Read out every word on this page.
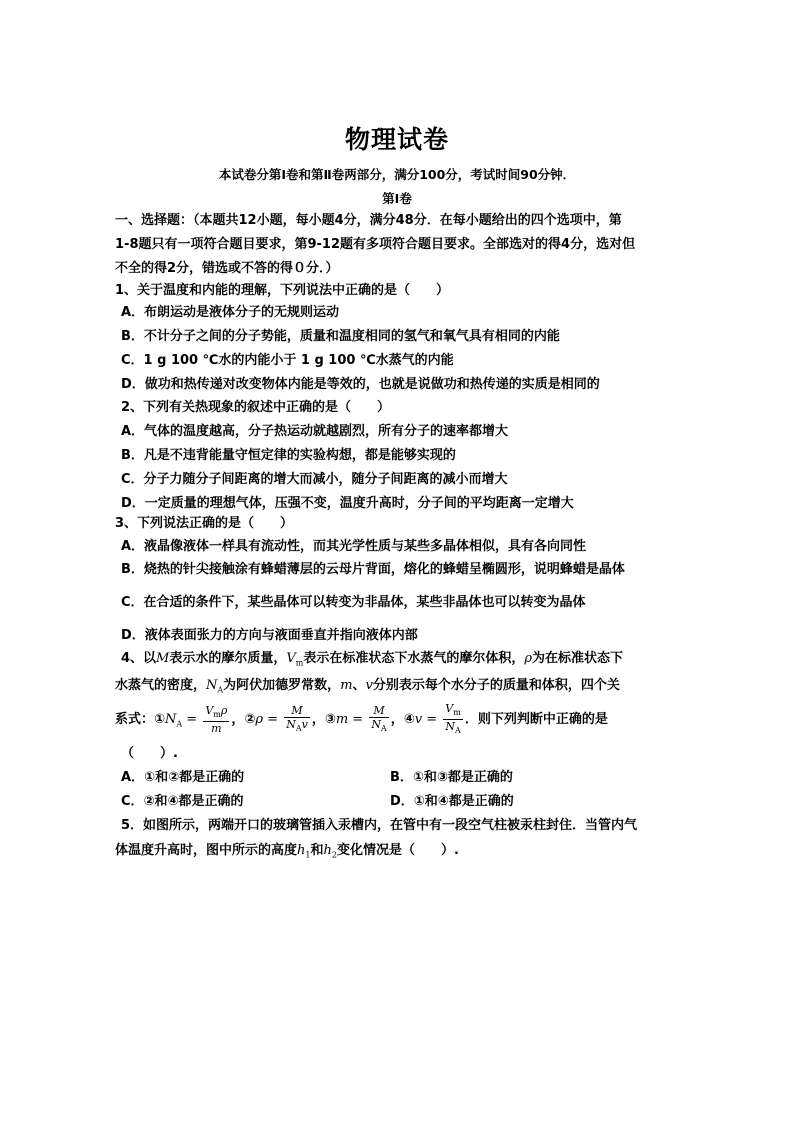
物理试卷
本试卷分第Ⅰ卷和第Ⅱ卷两部分，满分100分，考试时间90分钟．
第Ⅰ卷
一、选择题：（本题共12小题，每小题4分，满分48分．在每小题给出的四个选项中，第
1-8题只有一项符合题目要求，第9-12题有多项符合题目要求。全部选对的得4分，选对但
不全的得2分，错选或不答的得０分．）
1、关于温度和内能的理解，下列说法中正确的是（　　）
A．布朗运动是液体分子的无规则运动
B．不计分子之间的分子势能，质量和温度相同的氢气和氧气具有相同的内能
C．1 g 100 ℃水的内能小于 1 g 100 ℃水蒸气的内能
D．做功和热传递对改变物体内能是等效的，也就是说做功和热传递的实质是相同的
2、下列有关热现象的叙述中正确的是（　　）
A．气体的温度越高，分子热运动就越剧烈，所有分子的速率都增大
B．凡是不违背能量守恒定律的实验构想，都是能够实现的
C．分子力随分子间距离的增大而减小，随分子间距离的减小而增大
D．一定质量的理想气体，压强不变，温度升高时，分子间的平均距离一定增大
3、下列说法正确的是（　　）
A．液晶像液体一样具有流动性，而其光学性质与某些多晶体相似，具有各向同性
B．烧热的针尖接触涂有蜂蜡薄层的云母片背面，熔化的蜂蜡呈椭圆形，说明蜂蜡是晶体
C．在合适的条件下，某些晶体可以转变为非晶体，某些非晶体也可以转变为晶体
D．液体表面张力的方向与液面垂直并指向液体内部
4、以M表示水的摩尔质量，$V_m$表示在标准状态下水蒸气的摩尔体积，ρ为在标准状态下
水蒸气的密度，$N_A$为阿伏加德罗常数，m、v分别表示每个水分子的质量和体积，四个关
系式：$①N_A = \frac{V_m\rho}{m}$ ，②ρ = $\frac{M}{N_Av}$ ，③m = $\frac{M}{N_A}$ ，④v = $\frac{V_m}{N_A}$ ．则下列判断中正确的是
（　　）.
A．①和②都是正确的	B．①和③都是正确的
C．②和④都是正确的	D．①和④都是正确的
5．如图所示，两端开口的玻璃管插入汞槽内，在管中有一段空气柱被汞柱封住．当管内气
体温度升高时，图中所示的高度$h_1$和$h_2$变化情况是（　　）.
